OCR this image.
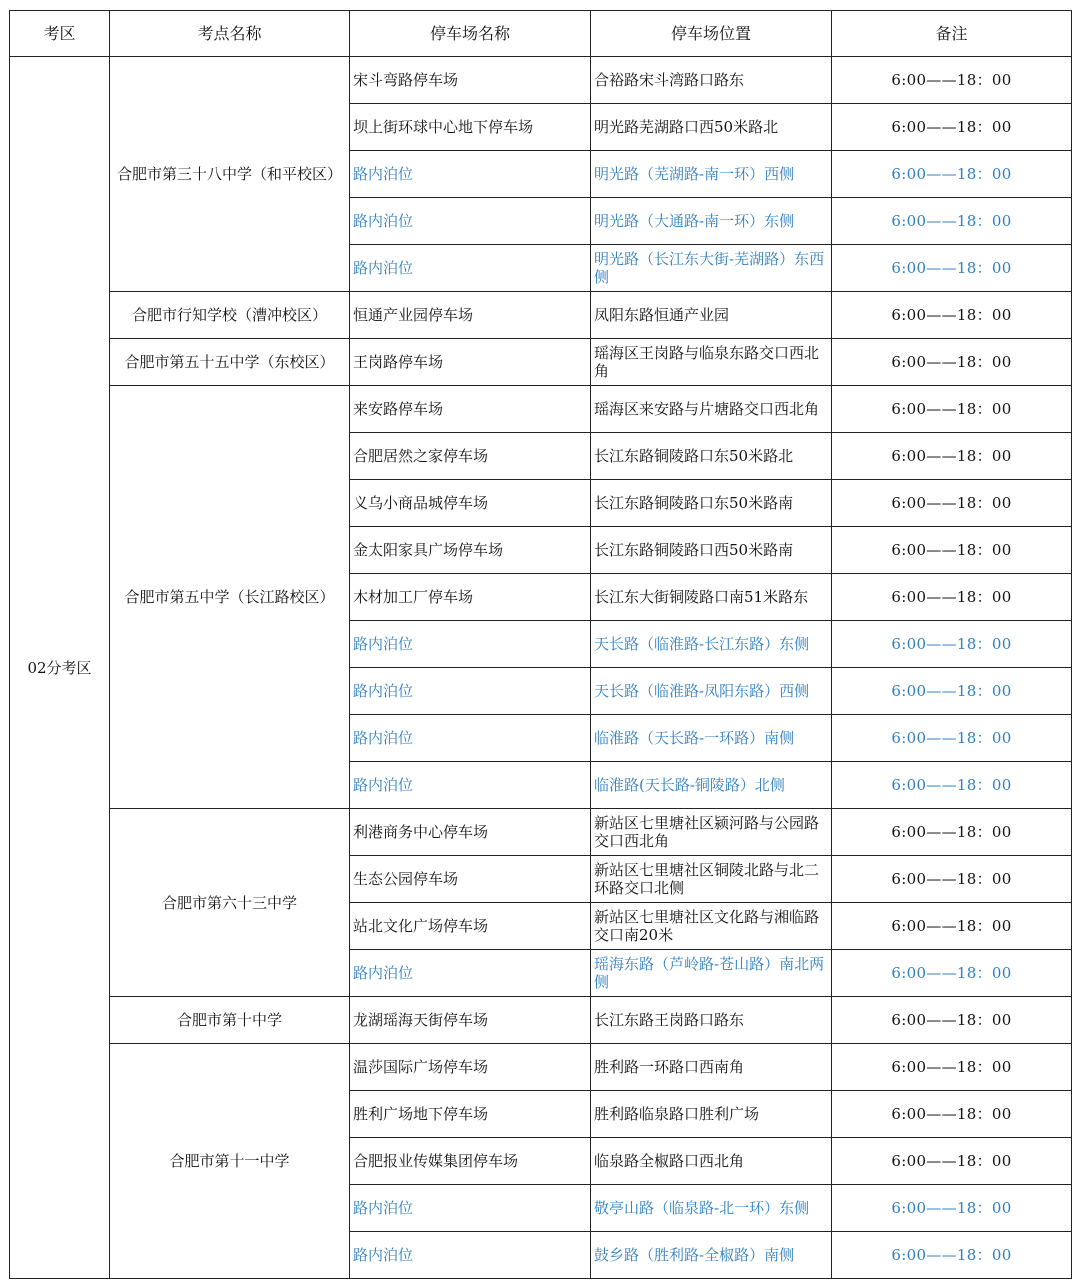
考区	考点名称	停车场名称	停车场位置	备注
02分考区	合肥市第三十八中学（和平校区）	宋斗弯路停车场	合裕路宋斗湾路口路东	6:00——18：00
		坝上街环球中心地下停车场	明光路芜湖路口西50米路北	6:00——18：00
		路内泊位	明光路（芜湖路-南一环）西侧	6:00——18：00
		路内泊位	明光路（大通路-南一环）东侧	6:00——18：00
		路内泊位	明光路（长江东大街-芜湖路）东西侧	6:00——18：00
	合肥市行知学校（漕冲校区）	恒通产业园停车场	凤阳东路恒通产业园	6:00——18：00
	合肥市第五十五中学（东校区）	王岗路停车场	瑶海区王岗路与临泉东路交口西北角	6:00——18：00
	合肥市第五中学（长江路校区）	来安路停车场	瑶海区来安路与片塘路交口西北角	6:00——18：00
		合肥居然之家停车场	长江东路铜陵路口东50米路北	6:00——18：00
		义乌小商品城停车场	长江东路铜陵路口东50米路南	6:00——18：00
		金太阳家具广场停车场	长江东路铜陵路口西50米路南	6:00——18：00
		木材加工厂停车场	长江东大街铜陵路口南51米路东	6:00——18：00
		路内泊位	天长路（临淮路-长江东路）东侧	6:00——18：00
		路内泊位	天长路（临淮路-凤阳东路）西侧	6:00——18：00
		路内泊位	临淮路（天长路-一环路）南侧	6:00——18：00
		路内泊位	临淮路(天长路-铜陵路）北侧	6:00——18：00
	合肥市第六十三中学	利港商务中心停车场	新站区七里塘社区颍河路与公园路交口西北角	6:00——18：00
		生态公园停车场	新站区七里塘社区铜陵北路与北二环路交口北侧	6:00——18：00
		站北文化广场停车场	新站区七里塘社区文化路与湘临路交口南20米	6:00——18：00
		路内泊位	瑶海东路（芦岭路-苍山路）南北两侧	6:00——18：00
	合肥市第十中学	龙湖瑶海天街停车场	长江东路王岗路口路东	6:00——18：00
	合肥市第十一中学	温莎国际广场停车场	胜利路一环路口西南角	6:00——18：00
		胜利广场地下停车场	胜利路临泉路口胜利广场	6:00——18：00
		合肥报业传媒集团停车场	临泉路全椒路口西北角	6:00——18：00
		路内泊位	敬亭山路（临泉路-北一环）东侧	6:00——18：00
		路内泊位	鼓乡路（胜利路-全椒路）南侧	6:00——18：00
